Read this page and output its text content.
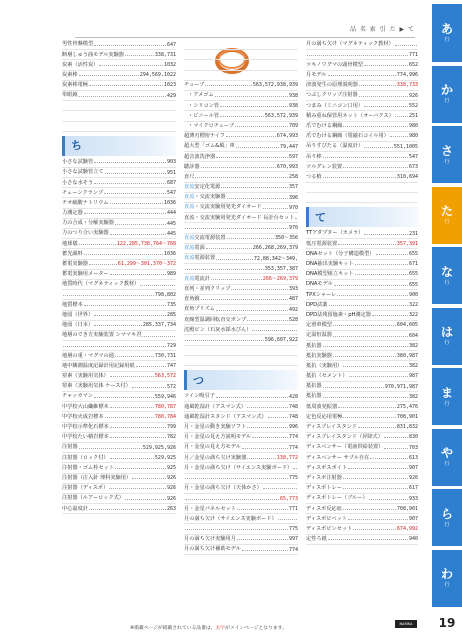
品 名 索 引 た ▶ て
男性骨盤模型	647
断層しゅう曲モデル実験器	338,731
炭素（活性炭）	1032
炭素棒	294,569,1022
炭素棒電極	1023
単眼鏡	429
ち
小さな試験管	903
小さな試験管立て	951
小さな水そう	687
チェーンクランプ	547
チオ硫酸ナトリウム	1036
力測定器	444
力の合成・分解実験器	445
力のつり合い実験器	445
地球儀	122,285,738,764〜768
蓄光顔料	1036
蓄電実験器	61,299〜301,370〜372
蓄電実験用メーター	989
地質時代（マグネティック教材）
798,802
地質標本	735
地図（世界）	285
地図（日本）	285,337,734
地層のでき方実験装置 シママキ君
729
地層の重・マグマの通	730,731
地中隣測温度記録計用記録用紙	747
窒素（実験用気体）	563,572
窒素（実験用気体 ケース付）	572
チャッカマン	559,946
中学校大山繊維標本	780,787
中学校火成岩標本	780,784
中学校示準化石標本	799
中学校たい積岩標本	782
注射器	529,925,926
注射器（ロック付）	529,925
注射器・ゴム栓セット	925
注射器（注入針 理科実験用）	926
注射器（ディスポ）	926
注射器（ルアーロック式）	926
中心温度計	263
チューブ	563,572,938,939
・アメゴム	938
・シリコン管	938
・ビニール管	563,572,939
・マイクロチューブ	709
超薄刃標密ナイフ	674,993
超大型「ゴム&風」車	79,447
超音波洗浄器	597
聴診器	670,993
直尺	258
直流安定化電源	357
直流・交流実験器	396
直流・交流実験用発光ダイオード	970
直流・交流実験用発光ダイオード 長計台セット
970
直流交流電源装置	350〜356
直流電源	266,268,269,379
直流電源装置	72,88,342〜349,
353,357,387
直流電流計	266〜269,379
直列・並列クリップ	393
直角鏡	487
直角プリズム	492
直線型温調回転直交ポンプ	528
沈殿ピン（石灰水採水びん）
596,607,922
つ
ツイン吸引子	428
通風乾湿計（アスマン式）	748
通風乾湿計スタンド（アスマン式）	748
月・金星の動き実験ソフト	996
月・金星の見え方説明モデル	774
月・金星の見え方モデル	774
月／金星の満ち欠け実験器	138,772
月・金星の満ち欠け（サイエンス実験ボード）
775
月・金星の満ち欠け（天体かさ）
65,773
月・金星パネルセット	771
月の満ち欠け（サイエンス実験ボード）
775
月の満ち欠け実験用月	997
月の満ち欠け補助モデル	774
月の満ち欠け（マグネティック教材）
771
ツキノワグマの頭骨模型	652
月モデル	774,996
津波発生の原理説明器	338,733
つぶしクリップ注射器	926
つまみ（ミニコン口用）	552
積み重ね保管用ネット（オーバクス）	251
爪でむける鋼線	980
爪でむける鋼線（電磁石コイル用）	980
吊りすびたる（温度計）	551,1005
吊り棒	547
ツルグレン装置	673
つる植	310,694
て
TTアダプター（カメラ）	231
低圧電源装置	357,391
DNAセット（分子構造模型）	655
DNA抽出実験キット	671
DNA模型組立キット	655
DNAモデル	655
TPXシャーレ	900
DPD試薬	322
DPD法残留塩素・pH測定器	322
定滑車模型	604,605
定温恒温器	604
抵抗器	382
抵抗実験器	380,987
抵抗（実験用）	382
抵抗（セメント）	987
抵抗器	970,971,987
抵抗器	382
低周波発振器	275,476
定色反応用電極	708,901
ディスプレイスタンド	831,832
ディスプレイスタンド（昇降式）	830
ディスペンサー（電液供給装置）	703
ディスペンサー サプル自在	613
ディスポスポイト	907
ディスポ注射器	926
ディスポトレー	617
ディスポトレー（ブルー）	933
ディスポ反応皿	708,901
ディスポピペット	907
ディスポピンセット	674,992
定性ろ紙	940
あ
行
か
行
さ
行
た
行
な
行
は
行
ま
行
や
行
ら
行
わ
行
※掲載ページが掲載されている品番は、太字がメインページとなります。
NARIKA	19
